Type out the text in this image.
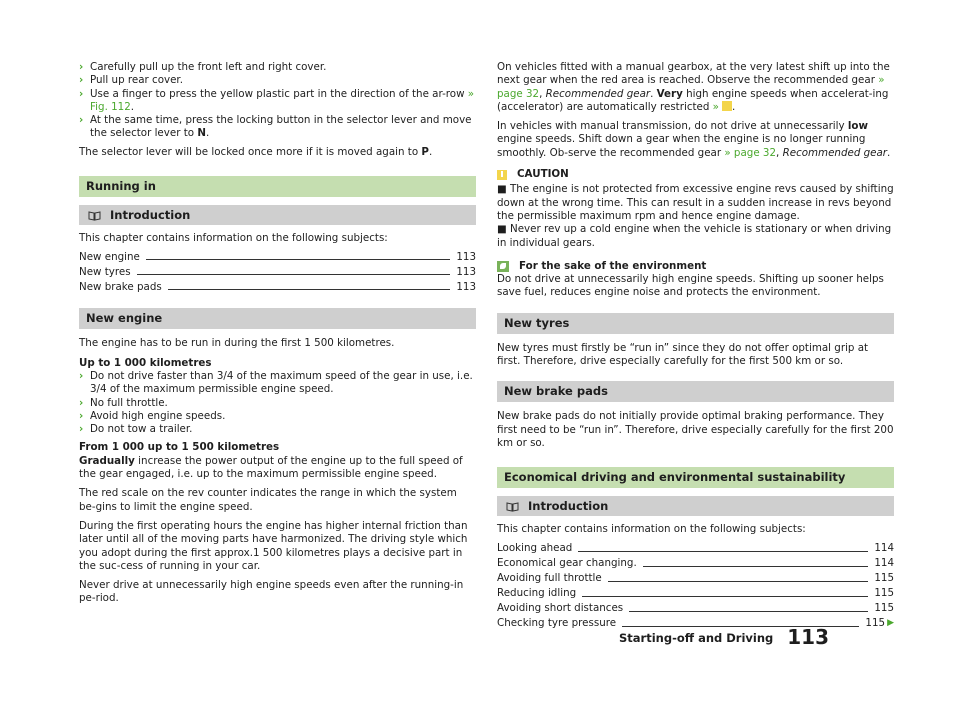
› Carefully pull up the front left and right cover.
› Pull up rear cover.
› Use a finger to press the yellow plastic part in the direction of the ar-row » Fig. 112.
› At the same time, press the locking button in the selector lever and move the selector lever to N.

The selector lever will be locked once more if it is moved again to P.

Running in
Introduction

This chapter contains information on the following subjects:

New engine	113
New tyres	113
New brake pads	113
New engine

The engine has to be run in during the first 1 500 kilometres.

Up to 1 000 kilometres
› Do not drive faster than 3/4 of the maximum speed of the gear in use, i.e. 3/4 of the maximum permissible engine speed.
› No full throttle.
› Avoid high engine speeds.
› Do not tow a trailer.
From 1 000 up to 1 500 kilometres

Gradually increase the power output of the engine up to the full speed of the gear engaged, i.e. up to the maximum permissible engine speed.

The red scale on the rev counter indicates the range in which the system be-gins to limit the engine speed.

During the first operating hours the engine has higher internal friction than later until all of the moving parts have harmonized. The driving style which you adopt during the first approx.1 500 kilometres plays a decisive part in the suc-cess of running in your car.

Never drive at unnecessarily high engine speeds even after the running-in pe-riod.

On vehicles fitted with a manual gearbox, at the very latest shift up into the next gear when the red area is reached. Observe the recommended gear » page 32, Recommended gear. Very high engine speeds when accelerat-ing (accelerator) are automatically restricted » .

In vehicles with manual transmission, do not drive at unnecessarily low engine speeds. Shift down a gear when the engine is no longer running smoothly. Ob-serve the recommended gear » page 32, Recommended gear.

CAUTION
■ The engine is not protected from excessive engine revs caused by shifting down at the wrong time. This can result in a sudden increase in revs beyond the permissible maximum rpm and hence engine damage.
■ Never rev up a cold engine when the vehicle is stationary or when driving in individual gears.
For the sake of the environment

Do not drive at unnecessarily high engine speeds. Shifting up sooner helps save fuel, reduces engine noise and protects the environment.

New tyres

New tyres must firstly be “run in” since they do not offer optimal grip at first. Therefore, drive especially carefully for the first 500 km or so.

New brake pads

New brake pads do not initially provide optimal braking performance. They first need to be “run in”. Therefore, drive especially carefully for the first 200 km or so.

Economical driving and environmental sustainability
Introduction

This chapter contains information on the following subjects:

Looking ahead	114
Economical gear changing.	114
Avoiding full throttle	115
Reducing idling	115
Avoiding short distances	115
Checking tyre pressure	115 ▶
Starting-off and Driving 113
